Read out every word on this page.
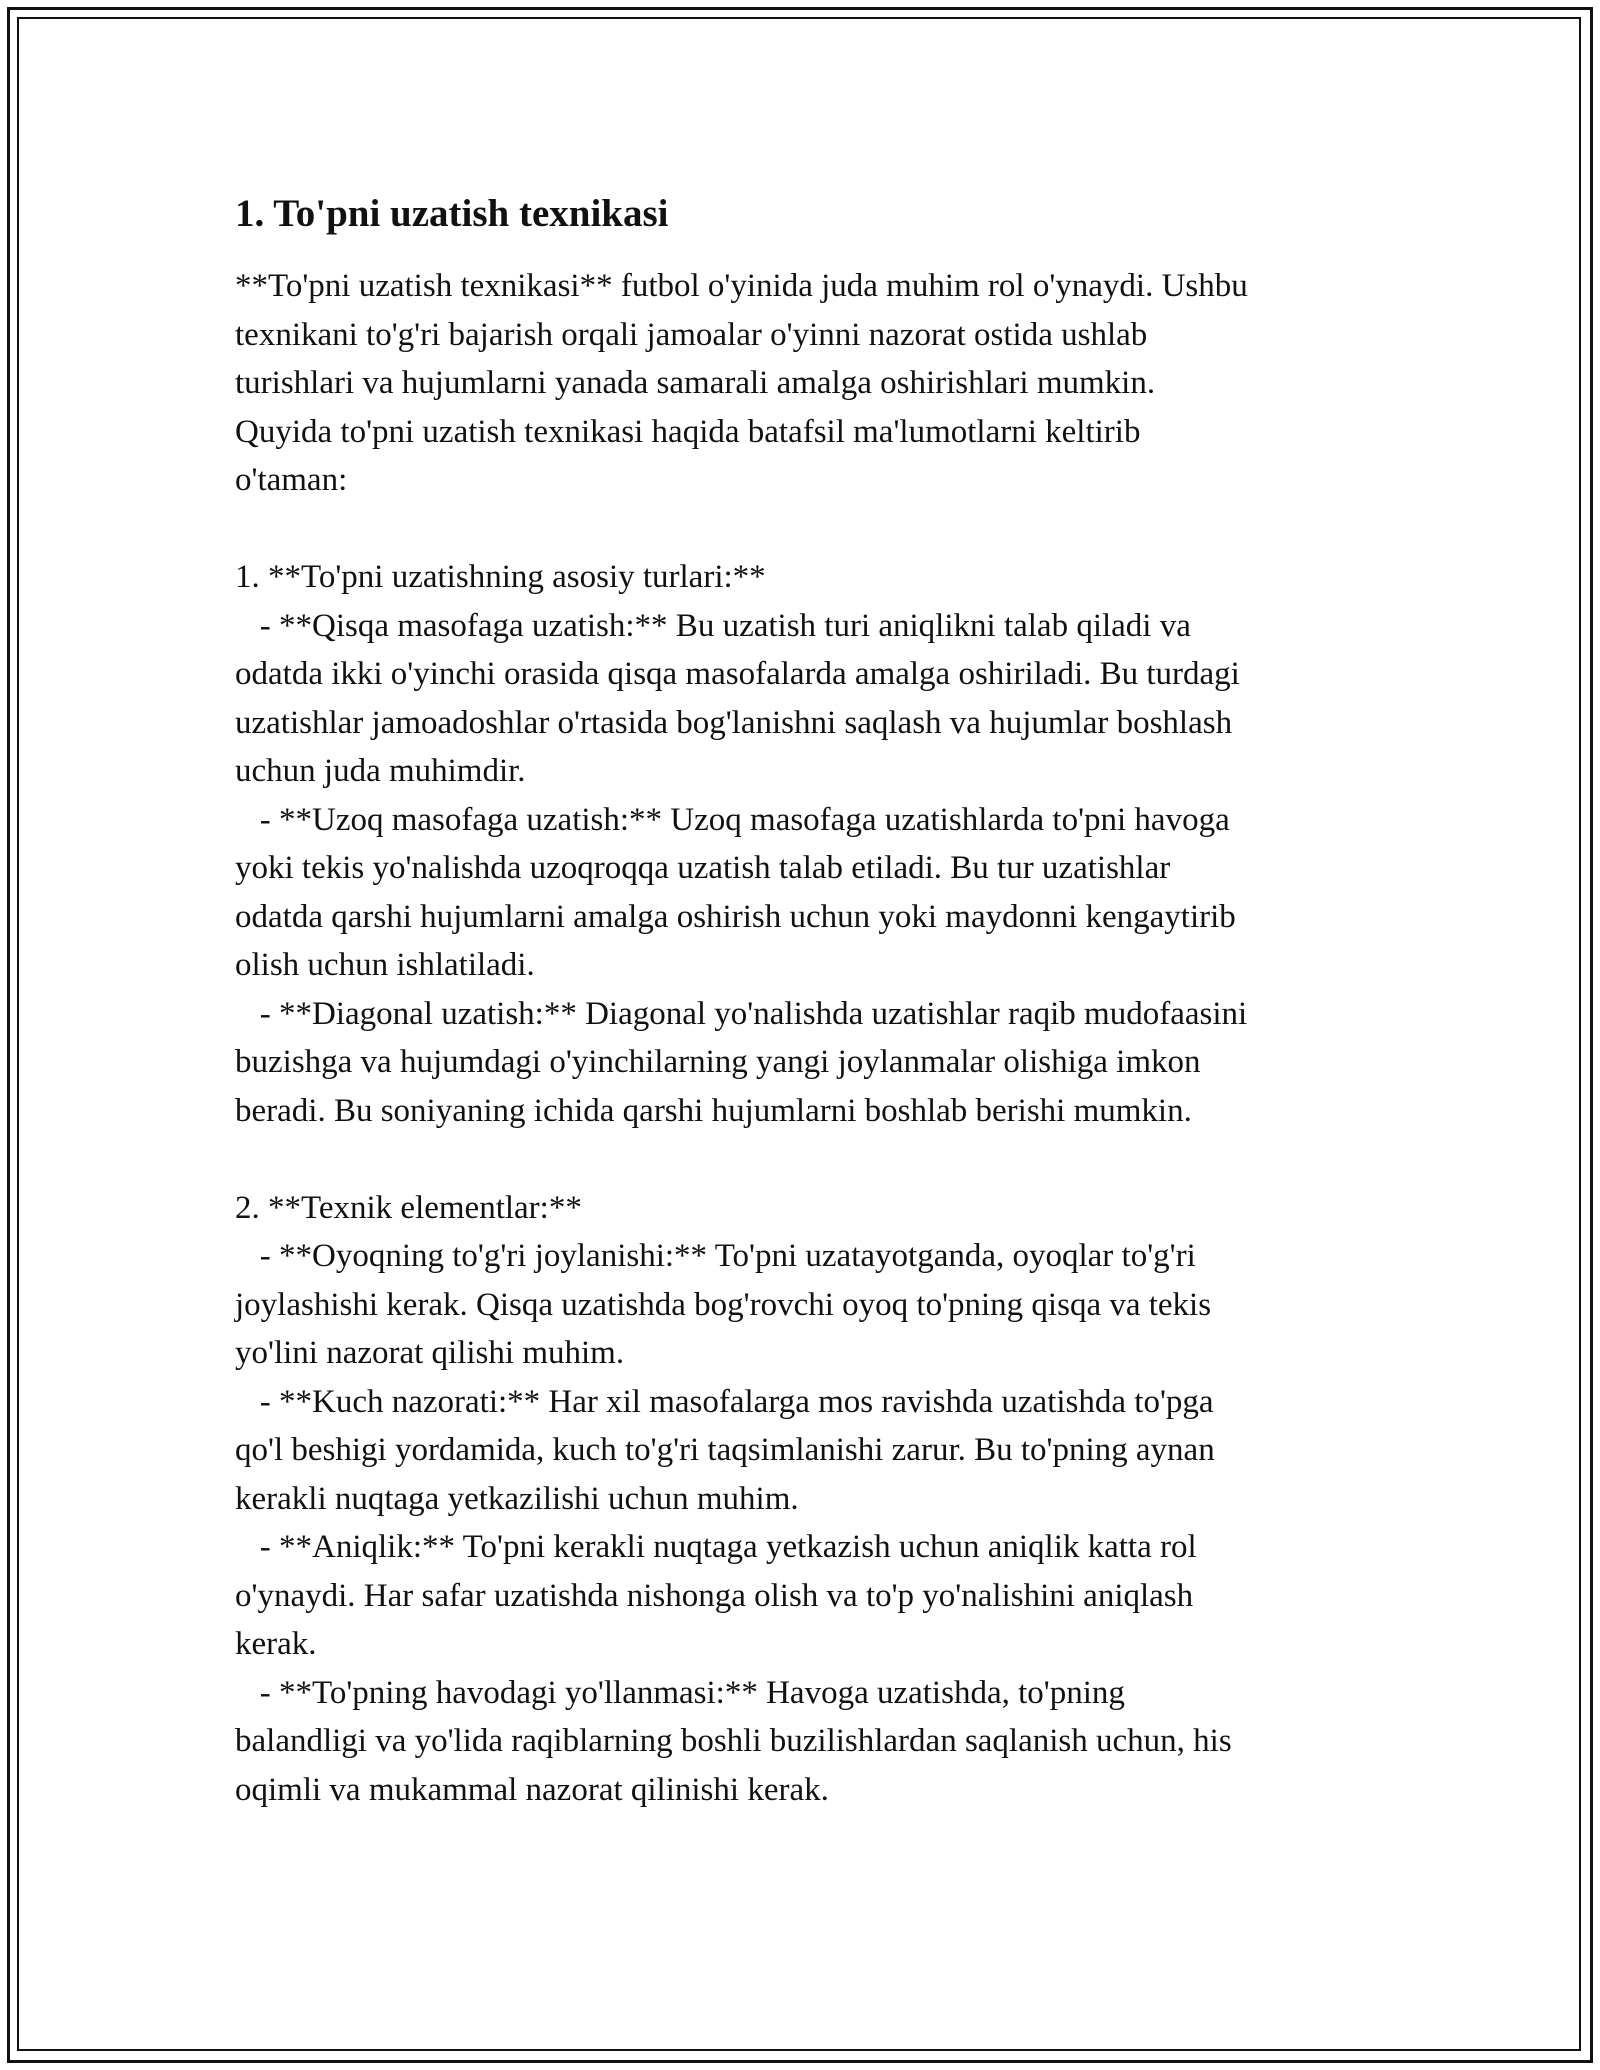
1. To'pni uzatish texnikasi
**To'pni uzatish texnikasi** futbol o'yinida juda muhim rol o'ynaydi. Ushbu
texnikani to'g'ri bajarish orqali jamoalar o'yinni nazorat ostida ushlab
turishlari va hujumlarni yanada samarali amalga oshirishlari mumkin.
Quyida to'pni uzatish texnikasi haqida batafsil ma'lumotlarni keltirib
o'taman:
1. **To'pni uzatishning asosiy turlari:**
- **Qisqa masofaga uzatish:** Bu uzatish turi aniqlikni talab qiladi va
odatda ikki o'yinchi orasida qisqa masofalarda amalga oshiriladi. Bu turdagi
uzatishlar jamoadoshlar o'rtasida bog'lanishni saqlash va hujumlar boshlash
uchun juda muhimdir.
- **Uzoq masofaga uzatish:** Uzoq masofaga uzatishlarda to'pni havoga
yoki tekis yo'nalishda uzoqroqqa uzatish talab etiladi. Bu tur uzatishlar
odatda qarshi hujumlarni amalga oshirish uchun yoki maydonni kengaytirib
olish uchun ishlatiladi.
- **Diagonal uzatish:** Diagonal yo'nalishda uzatishlar raqib mudofaasini
buzishga va hujumdagi o'yinchilarning yangi joylanmalar olishiga imkon
beradi. Bu soniyaning ichida qarshi hujumlarni boshlab berishi mumkin.
2. **Texnik elementlar:**
- **Oyoqning to'g'ri joylanishi:** To'pni uzatayotganda, oyoqlar to'g'ri
joylashishi kerak. Qisqa uzatishda bog'rovchi oyoq to'pning qisqa va tekis
yo'lini nazorat qilishi muhim.
- **Kuch nazorati:** Har xil masofalarga mos ravishda uzatishda to'pga
qo'l beshigi yordamida, kuch to'g'ri taqsimlanishi zarur. Bu to'pning aynan
kerakli nuqtaga yetkazilishi uchun muhim.
- **Aniqlik:** To'pni kerakli nuqtaga yetkazish uchun aniqlik katta rol
o'ynaydi. Har safar uzatishda nishonga olish va to'p yo'nalishini aniqlash
kerak.
- **To'pning havodagi yo'llanmasi:** Havoga uzatishda, to'pning
balandligi va yo'lida raqiblarning boshli buzilishlardan saqlanish uchun, his
oqimli va mukammal nazorat qilinishi kerak.
